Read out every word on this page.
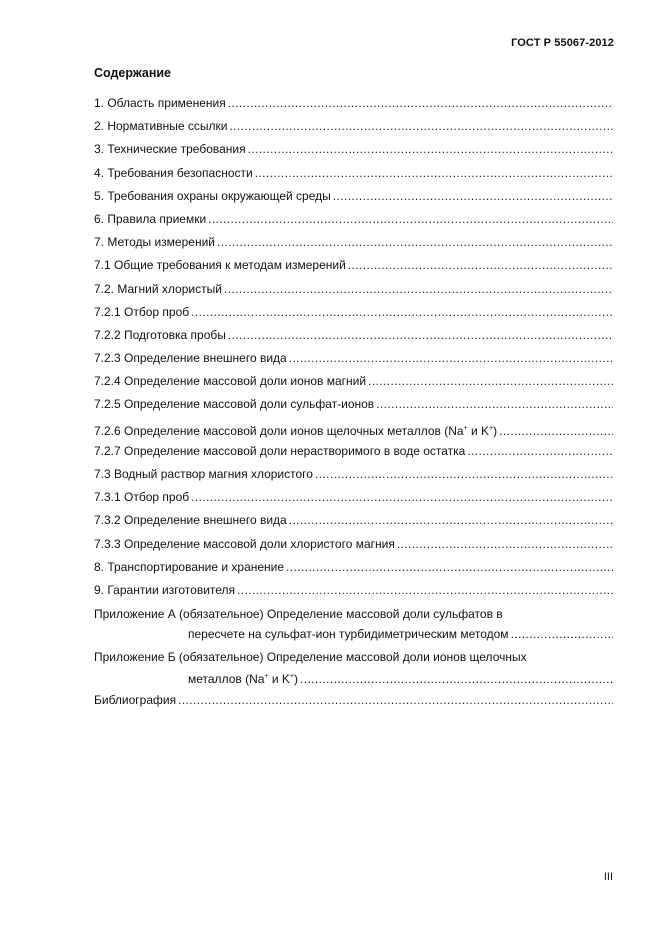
ГОСТ Р 55067-2012
Содержание
1. Область применения
.....
2. Нормативные ссылки
.....
3. Технические требования
.....
4. Требования безопасности
.....
5. Требования охраны окружающей среды
.....
6. Правила приемки
.....
7. Методы измерений
.....
7.1 Общие требования к методам измерений
.....
7.2. Магний хлористый
.....
7.2.1 Отбор проб
.....
7.2.2 Подготовка пробы
.....
7.2.3 Определение внешнего вида
.....
7.2.4 Определение массовой доли ионов магний
.....
7.2.5 Определение массовой доли сульфат-ионов
.....
7.2.6 Определение массовой доли ионов щелочных металлов (Na+ и K+)
.....
7.2.7 Определение массовой доли нерастворимого в воде остатка
.....
7.3 Водный раствор магния хлористого
.....
7.3.1 Отбор проб
.....
7.3.2 Определение внешнего вида
.....
7.3.3 Определение массовой доли хлористого магния
.....
8. Транспортирование и хранение
.....
9. Гарантии изготовителя
.....
Приложение А (обязательное) Определение массовой доли сульфатов в
пересчете на сульфат-ион турбидиметрическим методом
.....
Приложение Б (обязательное) Определение массовой доли ионов щелочных
металлов (Na+ и K+)
.....
Библиография
.....
III
